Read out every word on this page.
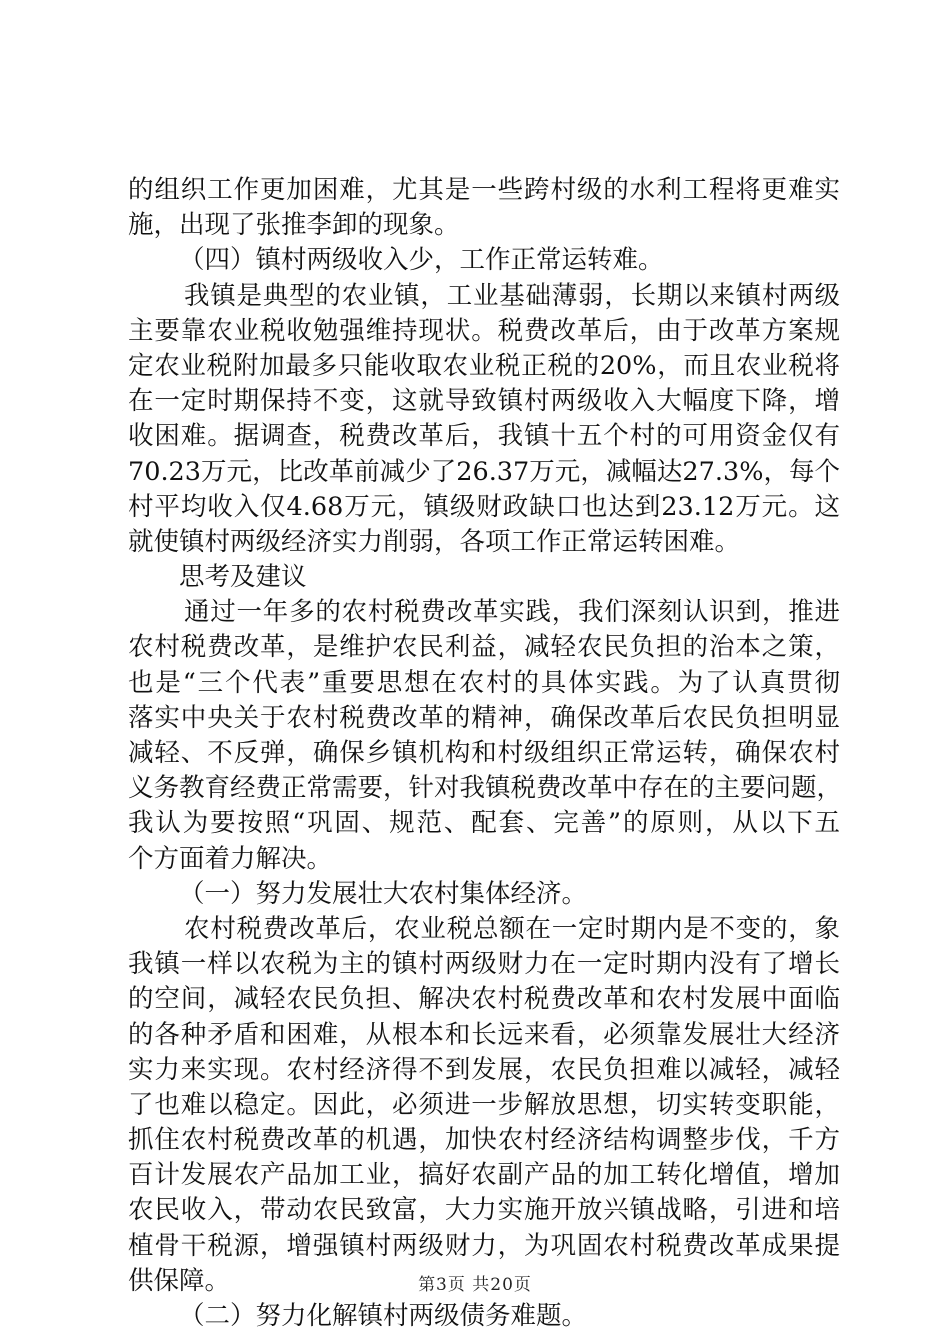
的组织工作更加困难，尤其是一些跨村级的水利工程将更难实
施，出现了张推李卸的现象。
（四）镇村两级收入少，工作正常运转难。
我镇是典型的农业镇，工业基础薄弱，长期以来镇村两级
主要靠农业税收勉强维持现状。税费改革后，由于改革方案规
定农业税附加最多只能收取农业税正税的20%，而且农业税将
在一定时期保持不变，这就导致镇村两级收入大幅度下降，增
收困难。据调查，税费改革后，我镇十五个村的可用资金仅有
70.23万元，比改革前减少了26.37万元，减幅达27.3%，每个
村平均收入仅4.68万元，镇级财政缺口也达到23.12万元。这
就使镇村两级经济实力削弱，各项工作正常运转困难。
思考及建议
通过一年多的农村税费改革实践，我们深刻认识到，推进
农村税费改革，是维护农民利益，减轻农民负担的治本之策，
也是“三个代表”重要思想在农村的具体实践。为了认真贯彻
落实中央关于农村税费改革的精神，确保改革后农民负担明显
减轻、不反弹，确保乡镇机构和村级组织正常运转，确保农村
义务教育经费正常需要，针对我镇税费改革中存在的主要问题，
我认为要按照“巩固、规范、配套、完善”的原则，从以下五
个方面着力解决。
（一）努力发展壮大农村集体经济。
农村税费改革后，农业税总额在一定时期内是不变的，象
我镇一样以农税为主的镇村两级财力在一定时期内没有了增长
的空间，减轻农民负担、解决农村税费改革和农村发展中面临
的各种矛盾和困难，从根本和长远来看，必须靠发展壮大经济
实力来实现。农村经济得不到发展，农民负担难以减轻，减轻
了也难以稳定。因此，必须进一步解放思想，切实转变职能，
抓住农村税费改革的机遇，加快农村经济结构调整步伐，千方
百计发展农产品加工业，搞好农副产品的加工转化增值，增加
农民收入，带动农民致富，大力实施开放兴镇战略，引进和培
植骨干税源，增强镇村两级财力，为巩固农村税费改革成果提
供保障。
（二）努力化解镇村两级债务难题。
第3页 共20页
